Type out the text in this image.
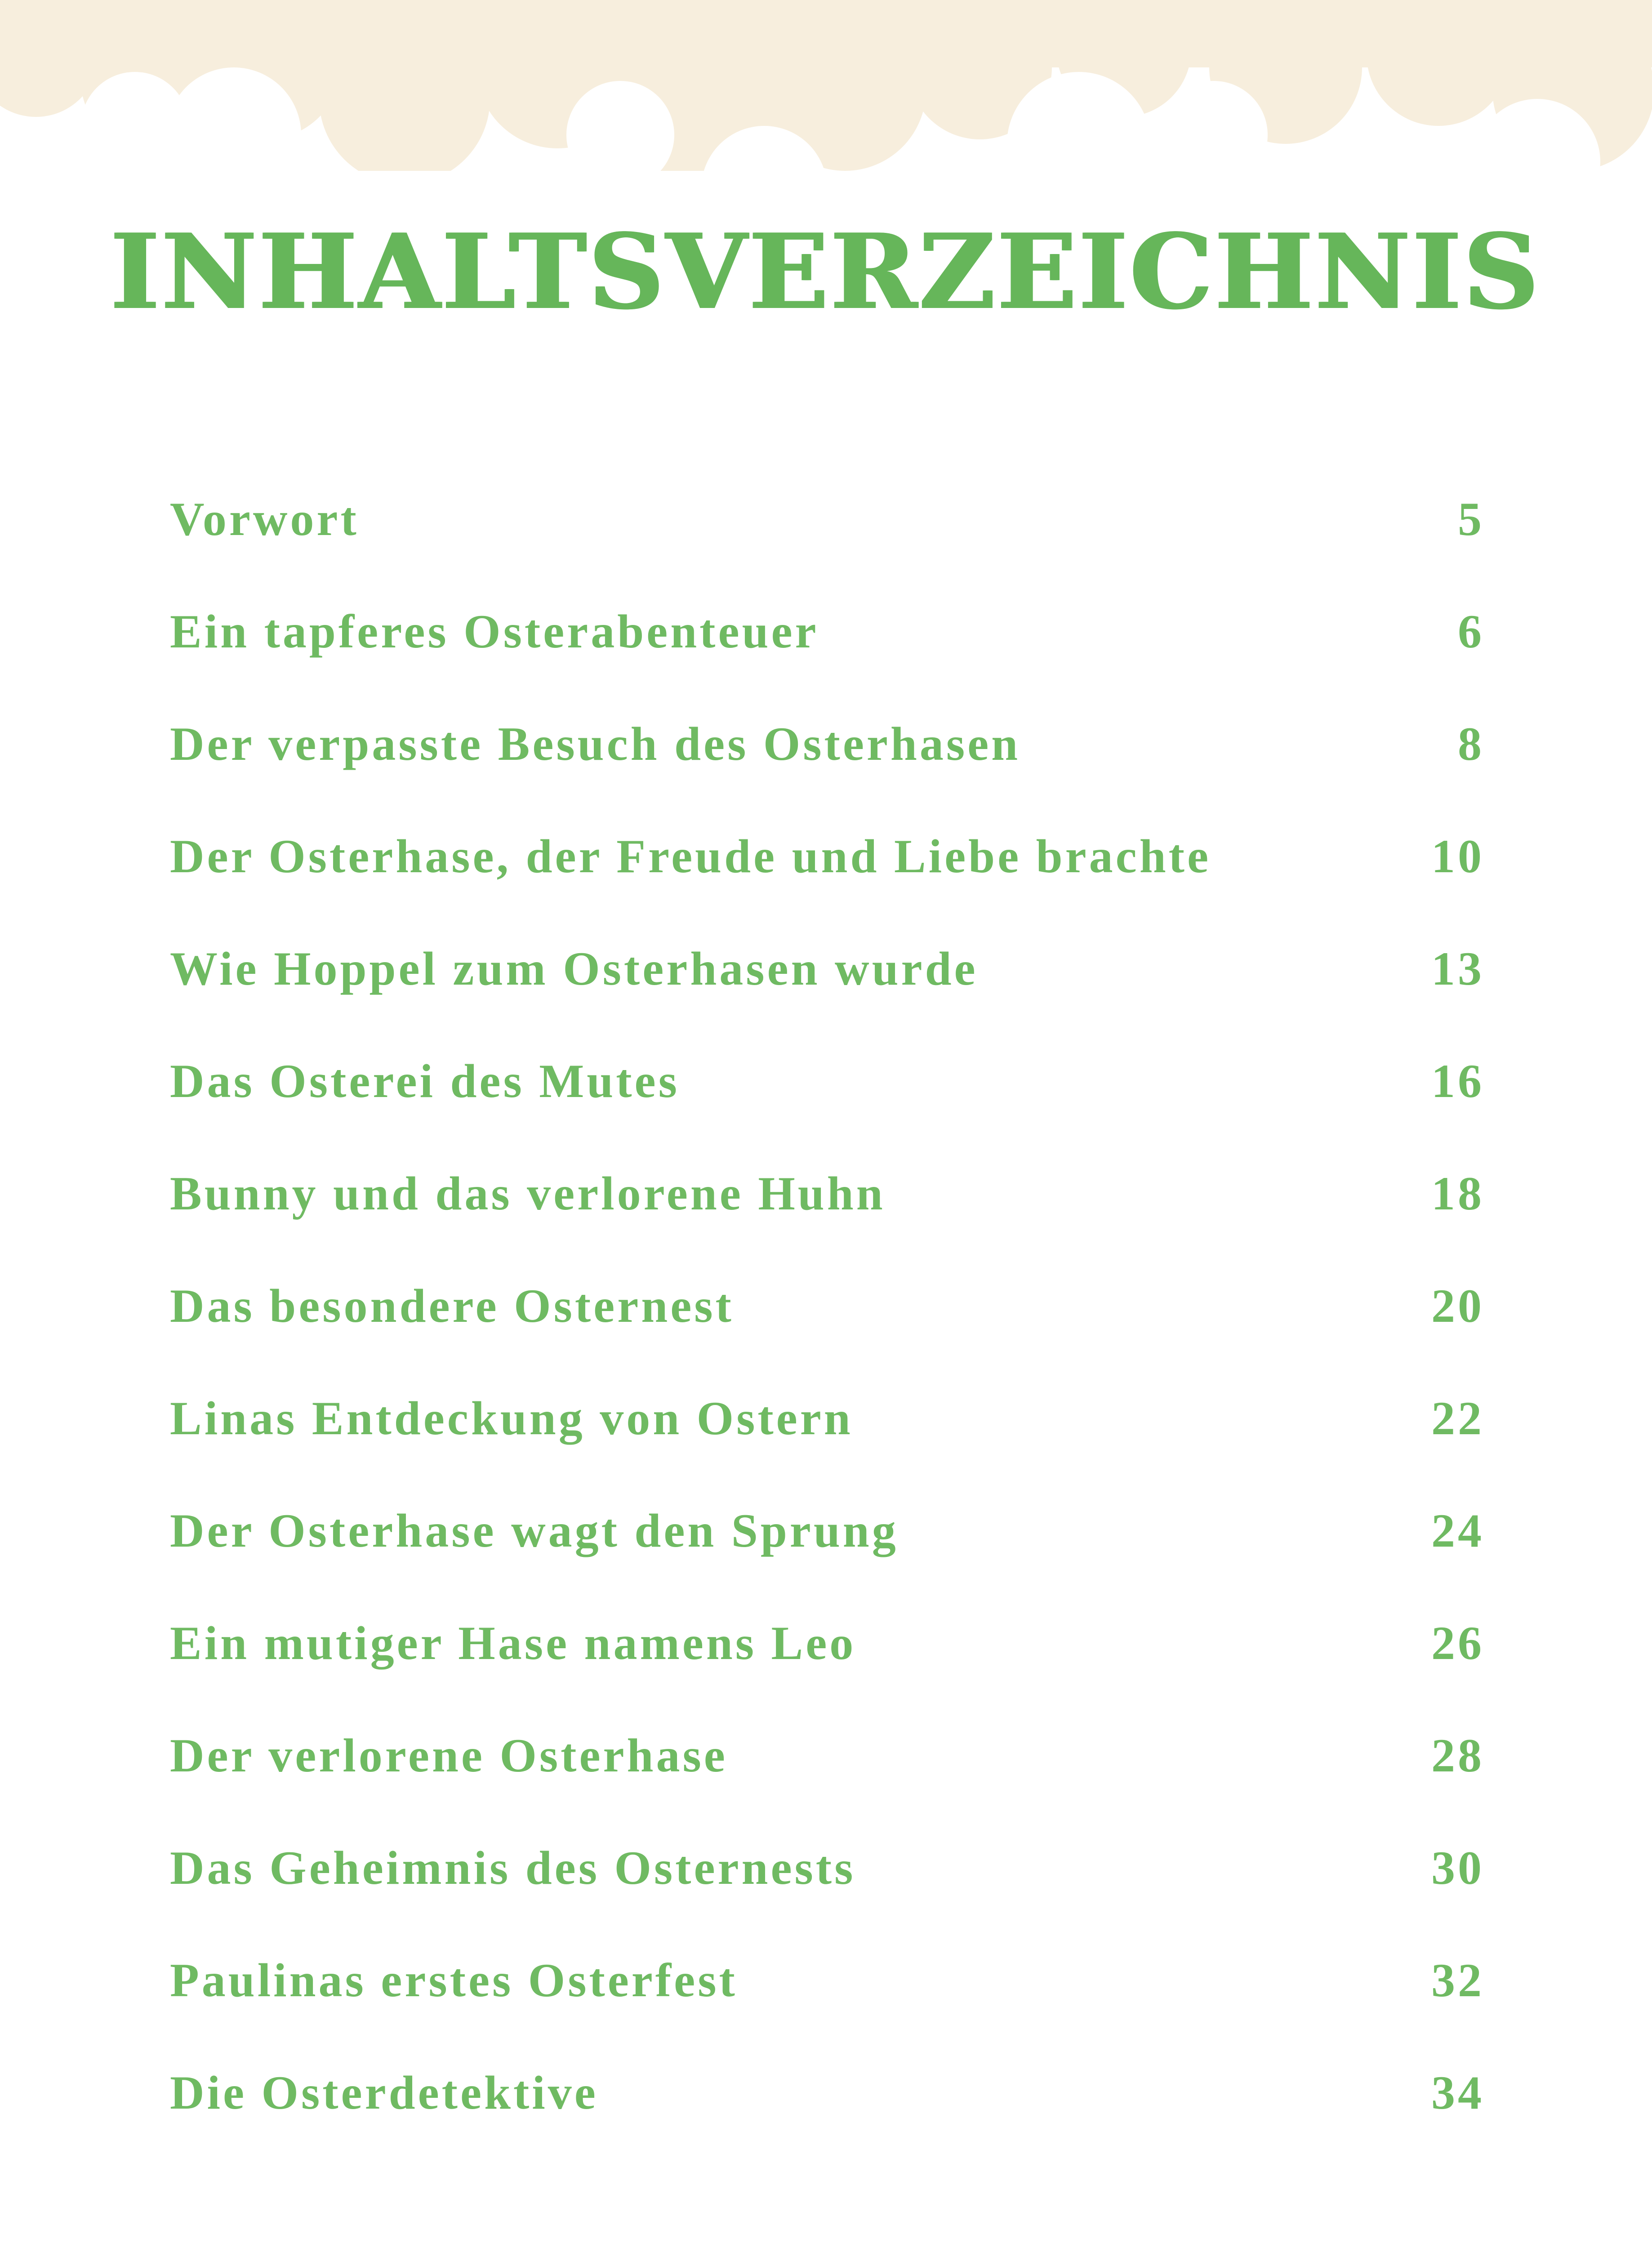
INHALTSVERZEICHNIS
Vorwort	5
Ein tapferes Osterabenteuer	6
Der verpasste Besuch des Osterhasen	8
Der Osterhase, der Freude und Liebe brachte	10
Wie Hoppel zum Osterhasen wurde	13
Das Osterei des Mutes	16
Bunny und das verlorene Huhn	18
Das besondere Osternest	20
Linas Entdeckung von Ostern	22
Der Osterhase wagt den Sprung	24
Ein mutiger Hase namens Leo	26
Der verlorene Osterhase	28
Das Geheimnis des Osternests	30
Paulinas erstes Osterfest	32
Die Osterdetektive	34
